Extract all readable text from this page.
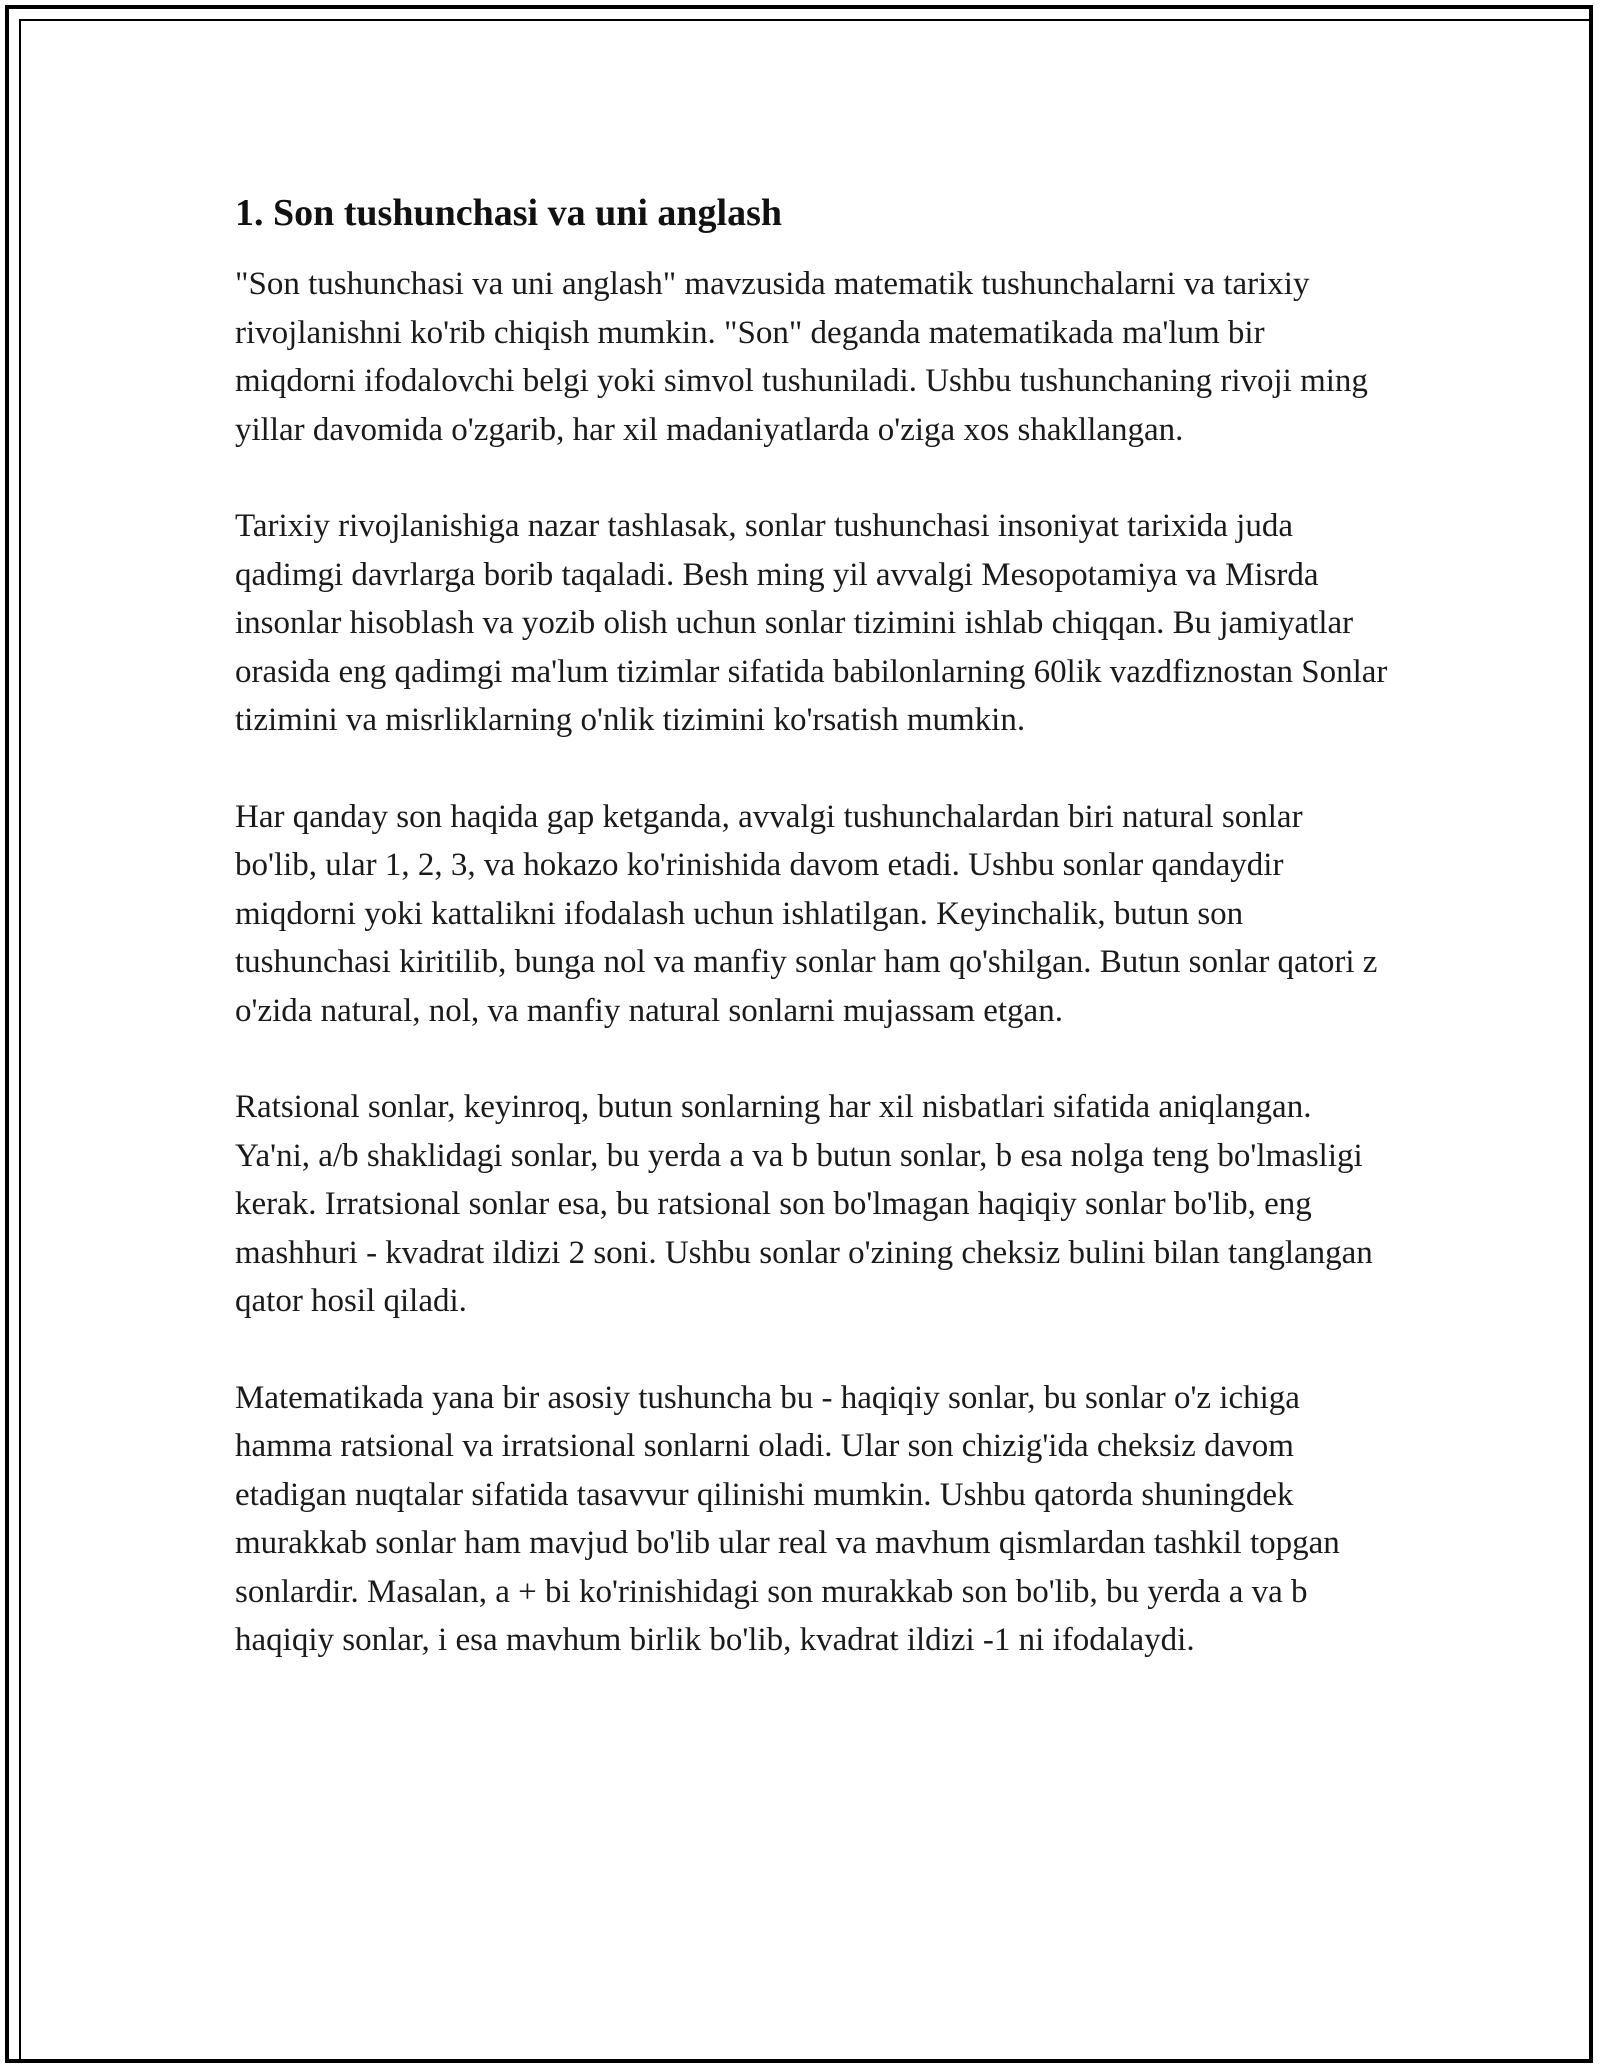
1. Son tushunchasi va uni anglash

"Son tushunchasi va uni anglash" mavzusida matematik tushunchalarni va tarixiy rivojlanishni ko'rib chiqish mumkin. "Son" deganda matematikada ma'lum bir miqdorni ifodalovchi belgi yoki simvol tushuniladi. Ushbu tushunchaning rivoji ming yillar davomida o'zgarib, har xil madaniyatlarda o'ziga xos shakllangan.

Tarixiy rivojlanishiga nazar tashlasak, sonlar tushunchasi insoniyat tarixida juda qadimgi davrlarga borib taqaladi. Besh ming yil avvalgi Mesopotamiya va Misrda insonlar hisoblash va yozib olish uchun sonlar tizimini ishlab chiqqan. Bu jamiyatlar orasida eng qadimgi ma'lum tizimlar sifatida babilonlarning 60lik vazdfiznostan Sonlar tizimini va misrliklarning o'nlik tizimini ko'rsatish mumkin.

Har qanday son haqida gap ketganda, avvalgi tushunchalardan biri natural sonlar bo'lib, ular 1, 2, 3, va hokazo ko'rinishida davom etadi. Ushbu sonlar qandaydir miqdorni yoki kattalikni ifodalash uchun ishlatilgan. Keyinchalik, butun son tushunchasi kiritilib, bunga nol va manfiy sonlar ham qo'shilgan. Butun sonlar qatori z o'zida natural, nol, va manfiy natural sonlarni mujassam etgan.

Ratsional sonlar, keyinroq, butun sonlarning har xil nisbatlari sifatida aniqlangan. Ya'ni, a/b shaklidagi sonlar, bu yerda a va b butun sonlar, b esa nolga teng bo'lmasligi kerak. Irratsional sonlar esa, bu ratsional son bo'lmagan haqiqiy sonlar bo'lib, eng mashhuri - kvadrat ildizi 2 soni. Ushbu sonlar o'zining cheksiz bulini bilan tanglangan qator hosil qiladi.

Matematikada yana bir asosiy tushuncha bu - haqiqiy sonlar, bu sonlar o'z ichiga hamma ratsional va irratsional sonlarni oladi. Ular son chizig'ida cheksiz davom etadigan nuqtalar sifatida tasavvur qilinishi mumkin. Ushbu qatorda shuningdek murakkab sonlar ham mavjud bo'lib ular real va mavhum qismlardan tashkil topgan sonlardir. Masalan, a + bi ko'rinishidagi son murakkab son bo'lib, bu yerda a va b haqiqiy sonlar, i esa mavhum birlik bo'lib, kvadrat ildizi -1 ni ifodalaydi.
